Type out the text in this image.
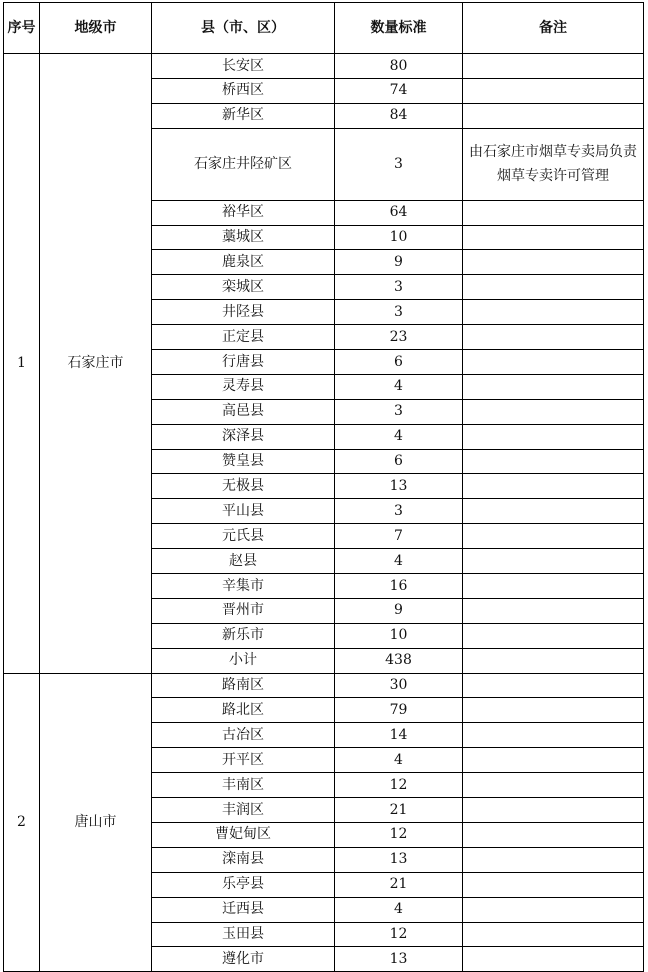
序号	地级市	县（市、区）	数量标准	备注
1	石家庄市	长安区	80	
		桥西区	74	
		新华区	84	
		石家庄井陉矿区	3	由石家庄市烟草专卖局负责烟草专卖许可管理
		裕华区	64	
		藁城区	10	
		鹿泉区	9	
		栾城区	3	
		井陉县	3	
		正定县	23	
		行唐县	6	
		灵寿县	4	
		高邑县	3	
		深泽县	4	
		赞皇县	6	
		无极县	13	
		平山县	3	
		元氏县	7	
		赵县	4	
		辛集市	16	
		晋州市	9	
		新乐市	10	
		小计	438	
2	唐山市	路南区	30	
		路北区	79	
		古冶区	14	
		开平区	4	
		丰南区	12	
		丰润区	21	
		曹妃甸区	12	
		滦南县	13	
		乐亭县	21	
		迁西县	4	
		玉田县	12	
		遵化市	13	
